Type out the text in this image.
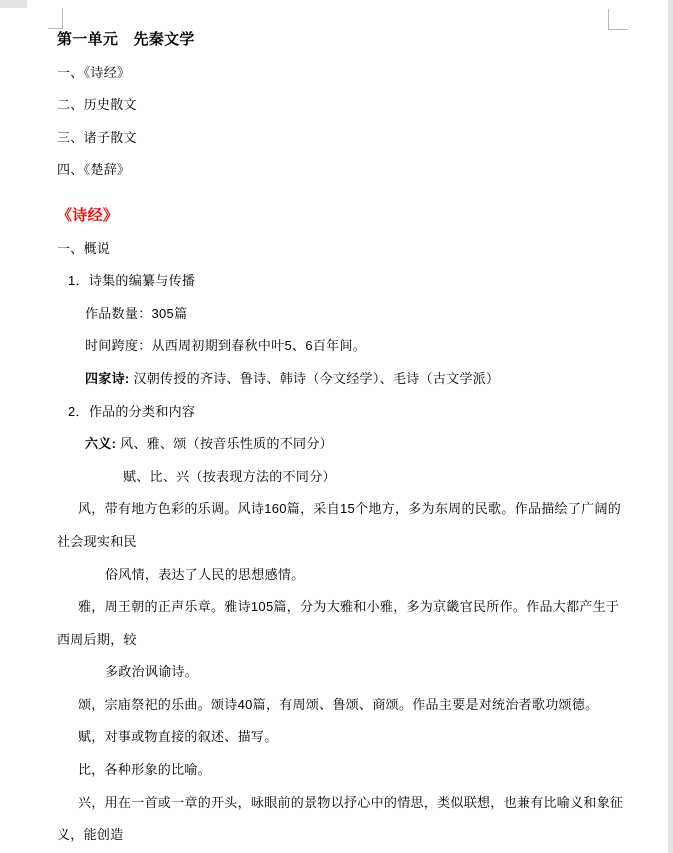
第一单元　先秦文学
一、《诗经》
二、历史散文
三、诸子散文
四、《楚辞》
《诗经》
一、概说
1．诗集的编纂与传播
作品数量：305篇
时间跨度：从西周初期到春秋中叶5、6百年间。
四家诗: 汉朝传授的齐诗、鲁诗、韩诗（今文经学）、毛诗（古文学派）
2．作品的分类和内容
六义: 风、雅、颂（按音乐性质的不同分）
赋、比、兴（按表现方法的不同分）
风，带有地方色彩的乐调。风诗160篇，采自15个地方，多为东周的民歌。作品描绘了广阔的
社会现实和民
俗风情，表达了人民的思想感情。
雅，周王朝的正声乐章。雅诗105篇，分为大雅和小雅，多为京畿官民所作。作品大都产生于
西周后期，较
多政治讽谕诗。
颂，宗庙祭祀的乐曲。颂诗40篇，有周颂、鲁颂、商颂。作品主要是对统治者歌功颂德。
赋，对事或物直接的叙述、描写。
比，各种形象的比喻。
兴，用在一首或一章的开头，咏眼前的景物以抒心中的情思，类似联想，也兼有比喻义和象征
义，能创造
